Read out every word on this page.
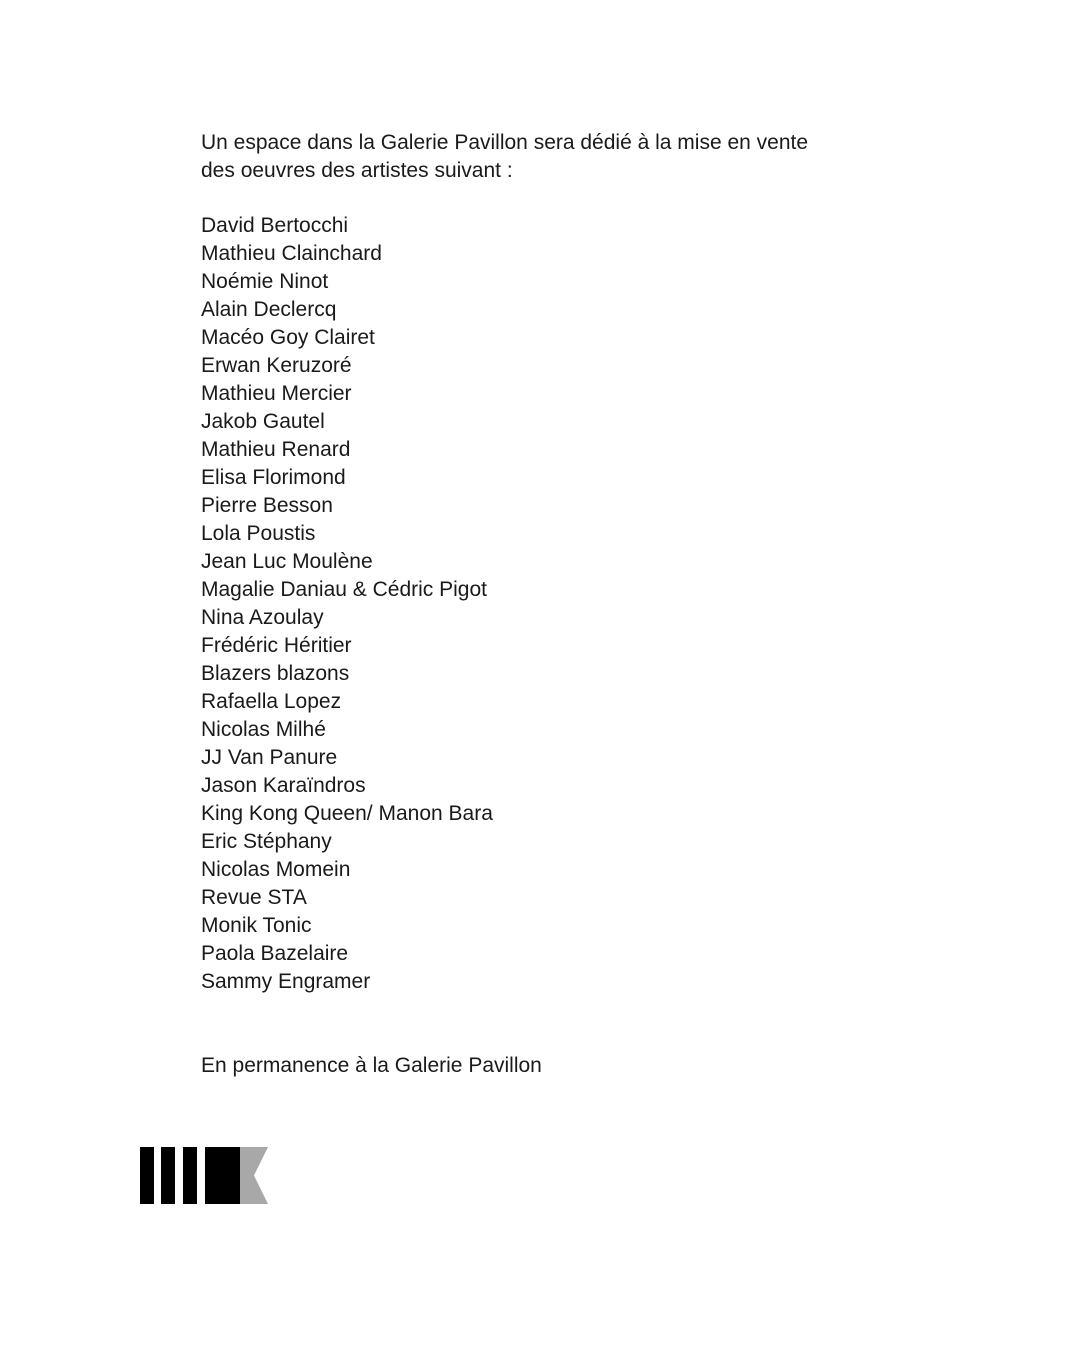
Un espace dans la Galerie Pavillon sera dédié à la mise en vente
des oeuvres des artistes suivant :

David Bertocchi
Mathieu Clainchard
Noémie Ninot
Alain Declercq
Macéo Goy Clairet
Erwan Keruzoré
Mathieu Mercier
Jakob Gautel
Mathieu Renard
Elisa Florimond
Pierre Besson
Lola Poustis
Jean Luc Moulène
Magalie Daniau & Cédric Pigot
Nina Azoulay
Frédéric Héritier
Blazers blazons
Rafaella Lopez
Nicolas Milhé
JJ Van Panure
Jason Karaïndros
King Kong Queen/ Manon Bara
Eric Stéphany
Nicolas Momein
Revue STA
Monik Tonic
Paola Bazelaire
Sammy Engramer

En permanence à la Galerie Pavillon
